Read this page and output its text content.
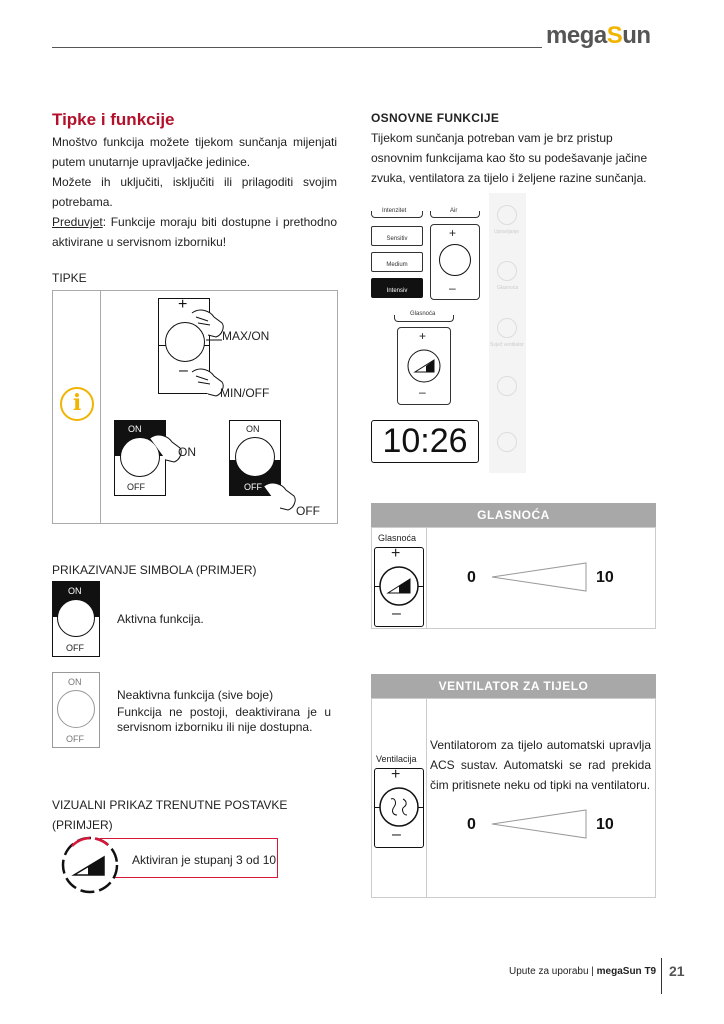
megaSun
Tipke i funkcije
Mnoštvo funkcija možete tijekom sunčanja mijenjati putem unutarnje upravljačke jedinice.
Možete ih uključiti, isključiti ili prilagoditi svojim potrebama.
Preduvjet: Funkcije moraju biti dostupne i prethodno aktivirane u servisnom izborniku!
TIPKE
i
+
–
MAX/ON
MIN/OFF
ON
OFF
ON
ON
OFF
OFF
PRIKAZIVANJE SIMBOLA (PRIMJER)
ON
OFF
Aktivna funkcija.
ON
OFF
Neaktivna funkcija (sive boje)
Funkcija ne postoji, deaktivirana je u servisnom izborniku ili nije dostupna.
VIZUALNI PRIKAZ TRENUTNE POSTAVKE (PRIMJER)
Aktiviran je stupanj 3 od 10
OSNOVNE FUNKCIJE
Tijekom sunčanja potreban vam je brz pristup osnovnim funkcijama kao što su podešavanje jačine zvuka, ventilatora za tijelo i željene razine sunčanja.
Intenzitet	Air
Sensitiv
Medium
Intensiv
+
–
Glasnoća
+
–
10:26
Upravljanje
Glasnoća
Svjež ventilator
GLASNOĆA
Glasnoća
+
–
0	10
VENTILATOR ZA TIJELO
Ventilacija
+
–
Ventilatorom za tijelo automatski upravlja ACS sustav. Automatski se rad prekida čim pritisnete neku od tipki na ventilatoru.
0	10
Upute za uporabu | megaSun T9 21
